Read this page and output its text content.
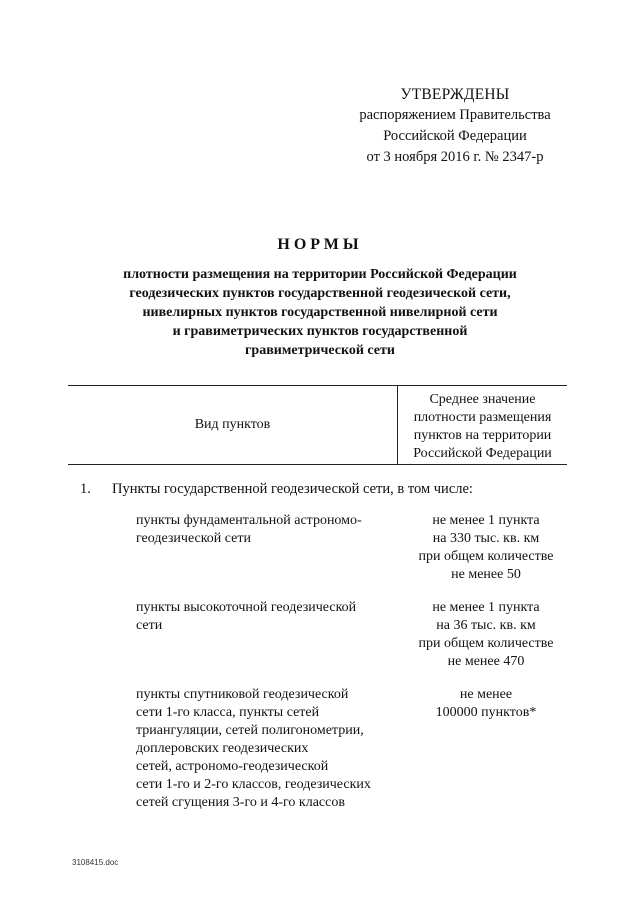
УТВЕРЖДЕНЫ
распоряжением Правительства
Российской Федерации
от 3 ноября 2016 г. № 2347-р
НОРМЫ
плотности размещения на территории Российской Федерации
геодезических пунктов государственной геодезической сети,
нивелирных пунктов государственной нивелирной сети
и гравиметрических пунктов государственной
гравиметрической сети
Вид пунктов
Среднее значение
плотности размещения
пунктов на территории
Российской Федерации
1. Пункты государственной геодезической сети, в том числе:
пункты фундаментальной астрономо-
геодезической сети
не менее 1 пункта
на 330 тыс. кв. км
при общем количестве
не менее 50
пункты высокоточной геодезической
сети
не менее 1 пункта
на 36 тыс. кв. км
при общем количестве
не менее 470
пункты спутниковой геодезической
сети 1-го класса, пункты сетей
триангуляции, сетей полигонометрии,
доплеровских геодезических
сетей, астрономо-геодезической
сети 1-го и 2-го классов, геодезических
сетей сгущения 3-го и 4-го классов
не менее
100000 пунктов*
3108415.doc
